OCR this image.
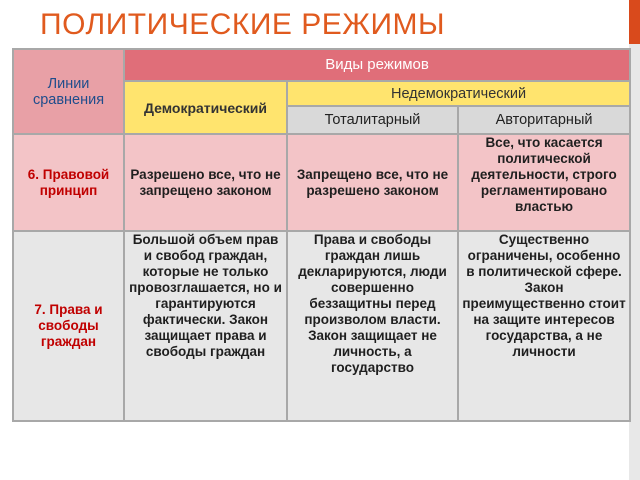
ПОЛИТИЧЕСКИЕ РЕЖИМЫ
Линии сравнения	Виды режимов		
	Демократический	Недемократический	
		Тоталитарный	Авторитарный
6. Правовой принцип	Разрешено все, что не запрещено законом	Запрещено все, что не разрешено законом	Все, что касается политической деятельности, строго регламентировано властью
7. Права и свободы граждан	Большой объем прав и свобод граждан, которые не только провозглашается, но и гарантируются фактически. Закон защищает права и свободы граждан	Права и свободы граждан лишь декларируются, люди совершенно беззащитны перед произволом власти. Закон защищает не личность, а государство	Существенно ограничены, особенно в политической сфере. Закон преимущественно стоит на защите интересов государства, а не личности
